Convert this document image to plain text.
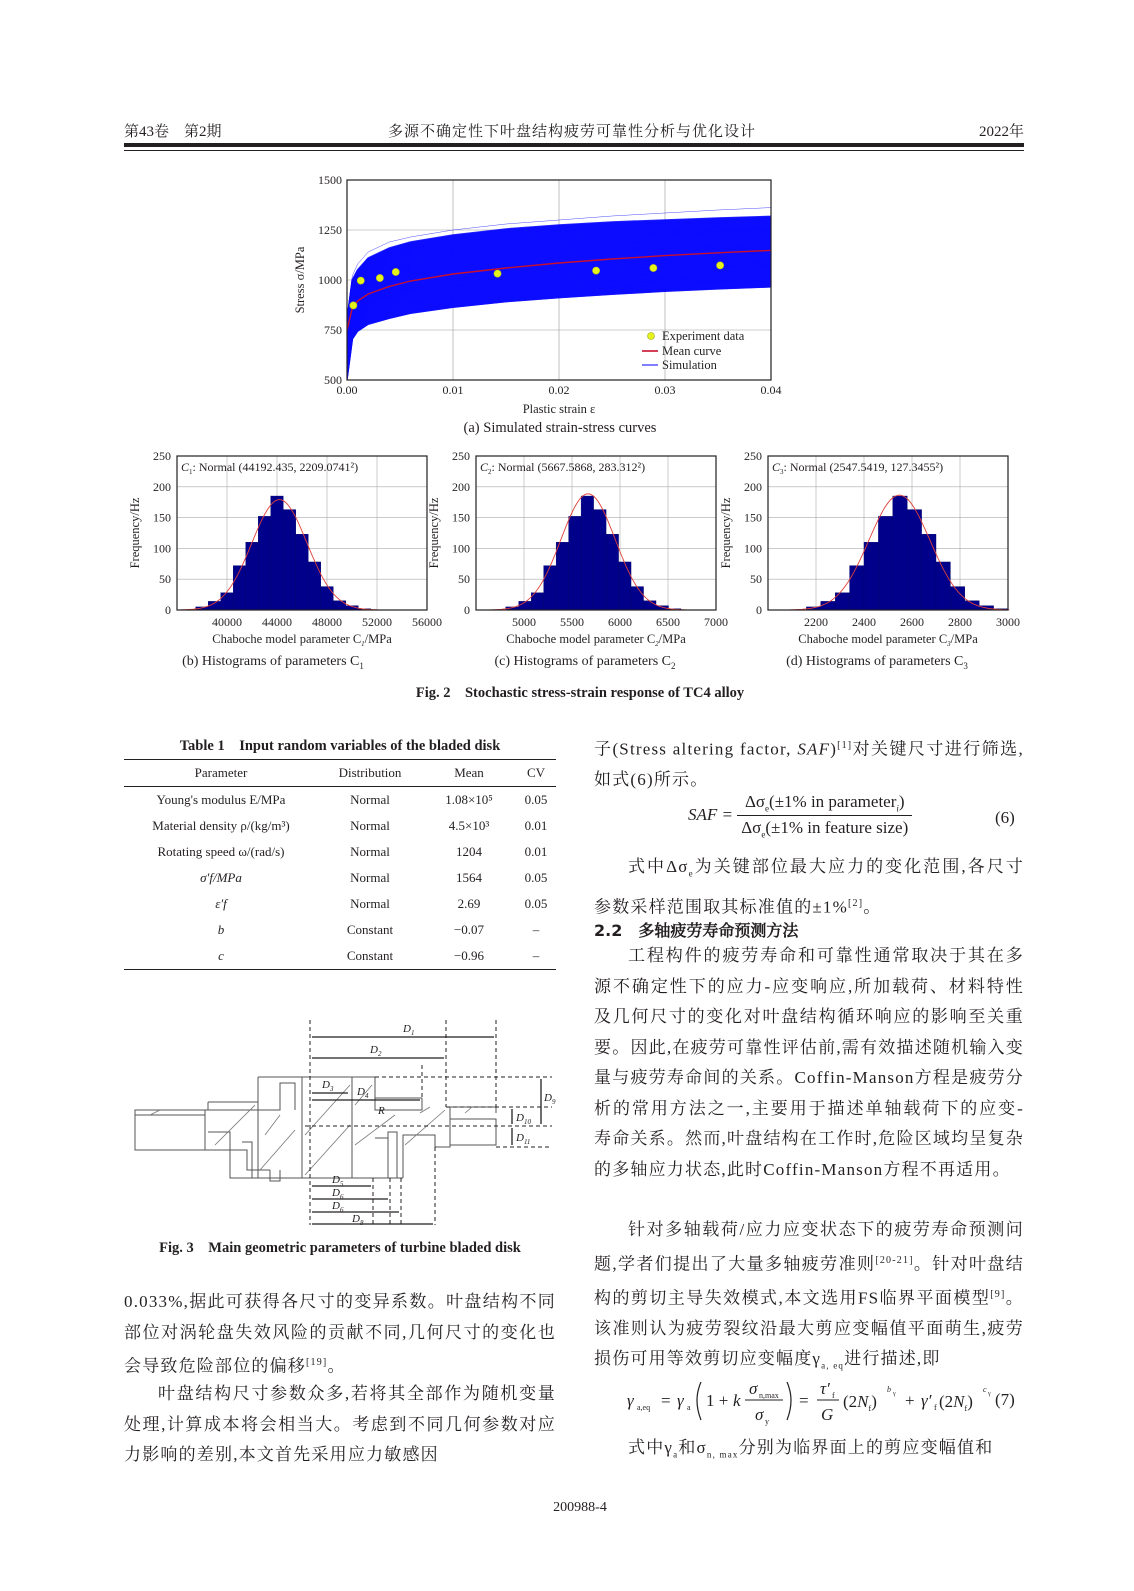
第43卷　第2期	多源不确定性下叶盘结构疲劳可靠性分析与优化设计	2022年
0.00	0.01	0.02	0.03	0.04
500
750
1000
1250
1500
Plastic strain ε
Stress σ/MPa
Experiment data
Mean curve
Simulation
(a) Simulated strain-stress curves
0
50
100
150
200
250
40000 44000 48000 52000 56000
$C_1$: Normal (44192.435, 2209.0741²)
Frequency/Hz
Chaboche model parameter $C_1$/MPa
0
50
100
150
200
250
5000 5500 6000 6500 7000
$C_2$: Normal (5667.5868, 283.312²)
Frequency/Hz
Chaboche model parameter $C_2$/MPa
0
50
100
150
200
250
2200 2400 2600 2800 3000
$C_3$: Normal (2547.5419, 127.3455²)
Frequency/Hz
Chaboche model parameter $C_3$/MPa
(b) Histograms of parameters $C_1$	(c) Histograms of parameters $C_2$	(d) Histograms of parameters $C_3$
Fig. 2　Stochastic stress-strain response of TC4 alloy
Table 1　Input random variables of the bladed disk
Parameter	Distribution	Mean	CV
Young's modulus E/MPa	Normal	1.08×10⁵	0.05
Material density ρ/(kg/m³)	Normal	4.5×10³	0.01
Rotating speed ω/(rad/s)	Normal	1204	0.01
σ′f/MPa	Normal	1564	0.05
ε′f	Normal	2.69	0.05
b	Constant	−0.07	–
c	Constant	−0.96	–
$D_1$
$D_2$
$D_3$ $D_4$
R
$D_5$
$D_6$
$D_6$
$D_8$
$D_9$
$D_{10}$
$D_{11}$
Fig. 3　Main geometric parameters of turbine bladed disk
0.033%,据此可获得各尺寸的变异系数。叶盘结构不同部位对涡轮盘失效风险的贡献不同,几何尺寸的变化也会导致危险部位的偏移[19]。
叶盘结构尺寸参数众多,若将其全部作为随机变量处理,计算成本将会相当大。考虑到不同几何参数对应力影响的差别,本文首先采用应力敏感因
子(Stress altering factor, SAF)[1]对关键尺寸进行筛选,如式(6)所示。
SAF = $\frac{\Delta\sigma_e(\pm 1\% in parameter_i)}{\Delta\sigma_e(\pm 1\% in feature size)}$	(6)
式中$\Delta\sigma_e$为关键部位最大应力的变化范围,各尺寸参数采样范围取其标准值的±1%[2]。
2.2　多轴疲劳寿命预测方法
工程构件的疲劳寿命和可靠性通常取决于其在多源不确定性下的应力-应变响应,所加载荷、材料特性及几何尺寸的变化对叶盘结构循环响应的影响至关重要。因此,在疲劳可靠性评估前,需有效描述随机输入变量与疲劳寿命间的关系。Coffin-Manson方程是疲劳分析的常用方法之一,主要用于描述单轴载荷下的应变-寿命关系。然而,叶盘结构在工作时,危险区域均呈复杂的多轴应力状态,此时Coffin-Manson方程不再适用。
针对多轴载荷/应力应变状态下的疲劳寿命预测问题,学者们提出了大量多轴疲劳准则[20-21]。针对叶盘结构的剪切主导失效模式,本文选用FS临界平面模型[9]。该准则认为疲劳裂纹沿最大剪应变幅值平面萌生,疲劳损伤可用等效剪切应变幅度$\gamma_{a, eq}$进行描述,即
γ a,eq = γ a 1 + k
σ n,max
σ y
=
τ′ f
G
$(2N_f)$
b γ + γ′ f $(2N_f)$
c γ (7)
式中$\gamma_a$和$\sigma_{n, max}$分别为临界面上的剪应变幅值和
200988-4
